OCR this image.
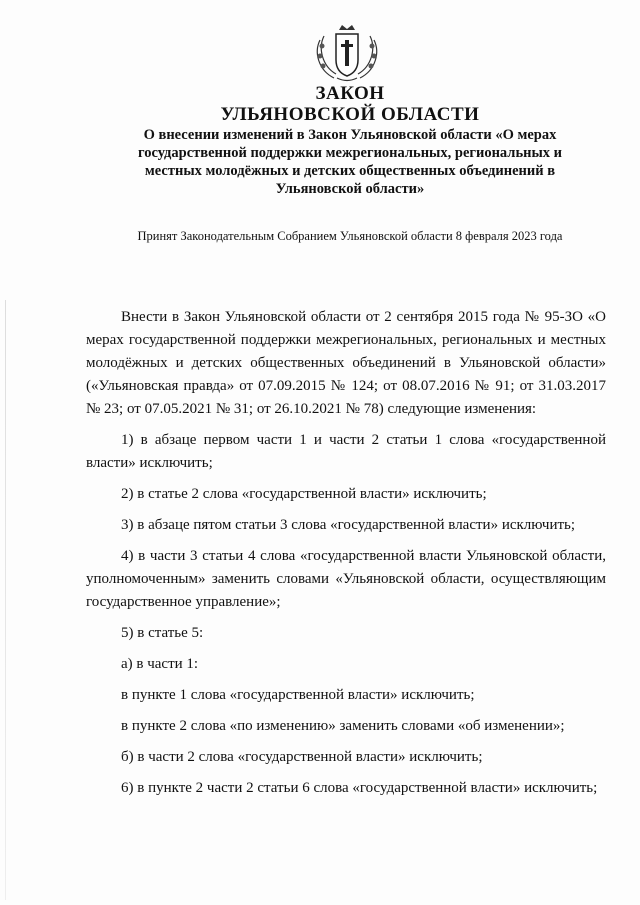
ЗАКОН
УЛЬЯНОВСКОЙ ОБЛАСТИ
О внесении изменений в Закон Ульяновской области «О мерах государственной поддержки межрегиональных, региональных и местных молодёжных и детских общественных объединений в Ульяновской области»
Принят Законодательным Собранием Ульяновской области 8 февраля 2023 года

Внести в Закон Ульяновской области от 2 сентября 2015 года № 95-ЗО «О мерах государственной поддержки межрегиональных, региональных и местных молодёжных и детских общественных объединений в Ульяновской области» («Ульяновская правда» от 07.09.2015 № 124; от 08.07.2016 № 91; от 31.03.2017 № 23; от 07.05.2021 № 31; от 26.10.2021 № 78) следующие изменения:

1) в абзаце первом части 1 и части 2 статьи 1 слова «государственной власти» исключить;

2) в статье 2 слова «государственной власти» исключить;

3) в абзаце пятом статьи 3 слова «государственной власти» исключить;

4) в части 3 статьи 4 слова «государственной власти Ульяновской области, уполномоченным» заменить словами «Ульяновской области, осуществляющим государственное управление»;

5) в статье 5:

а) в части 1:

в пункте 1 слова «государственной власти» исключить;

в пункте 2 слова «по изменению» заменить словами «об изменении»;

б) в части 2 слова «государственной власти» исключить;

6) в пункте 2 части 2 статьи 6 слова «государственной власти» исключить;
